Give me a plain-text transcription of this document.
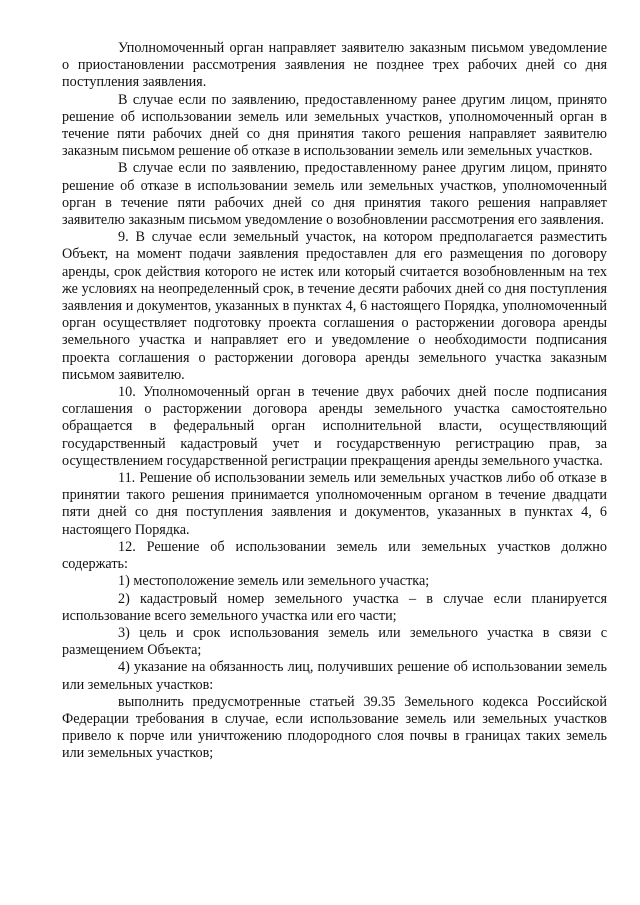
Уполномоченный орган направляет заявителю заказным письмом уведомление о приостановлении рассмотрения заявления не позднее трех рабочих дней со дня поступления заявления.

В случае если по заявлению, предоставленному ранее другим лицом, принято решение об использовании земель или земельных участков, уполномоченный орган в течение пяти рабочих дней со дня принятия такого решения направляет заявителю заказным письмом решение об отказе в использовании земель или земельных участков.

В случае если по заявлению, предоставленному ранее другим лицом, принято решение об отказе в использовании земель или земельных участков, уполномоченный орган в течение пяти рабочих дней со дня принятия такого решения направляет заявителю заказным письмом уведомление о возобновлении рассмотрения его заявления.

9. В случае если земельный участок, на котором предполагается разместить Объект, на момент подачи заявления предоставлен для его размещения по договору аренды, срок действия которого не истек или который считается возобновленным на тех же условиях на неопределенный срок, в течение десяти рабочих дней со дня поступления заявления и документов, указанных в пунктах 4, 6 настоящего Порядка, уполномоченный орган осуществляет подготовку проекта соглашения о расторжении договора аренды земельного участка и направляет его и уведомление о необходимости подписания проекта соглашения о расторжении договора аренды земельного участка заказным письмом заявителю.

10. Уполномоченный орган в течение двух рабочих дней после подписания соглашения о расторжении договора аренды земельного участка самостоятельно обращается в федеральный орган исполнительной власти, осуществляющий государственный кадастровый учет и государственную регистрацию прав, за осуществлением государственной регистрации прекращения аренды земельного участка.

11. Решение об использовании земель или земельных участков либо об отказе в принятии такого решения принимается уполномоченным органом в течение двадцати пяти дней со дня поступления заявления и документов, указанных в пунктах 4, 6 настоящего Порядка.

12. Решение об использовании земель или земельных участков должно содержать:

1) местоположение земель или земельного участка;

2) кадастровый номер земельного участка – в случае если планируется использование всего земельного участка или его части;

3) цель и срок использования земель или земельного участка в связи с размещением Объекта;

4) указание на обязанность лиц, получивших решение об использовании земель или земельных участков:

выполнить предусмотренные статьей 39.35 Земельного кодекса Российской Федерации требования в случае, если использование земель или земельных участков привело к порче или уничтожению плодородного слоя почвы в границах таких земель или земельных участков;
